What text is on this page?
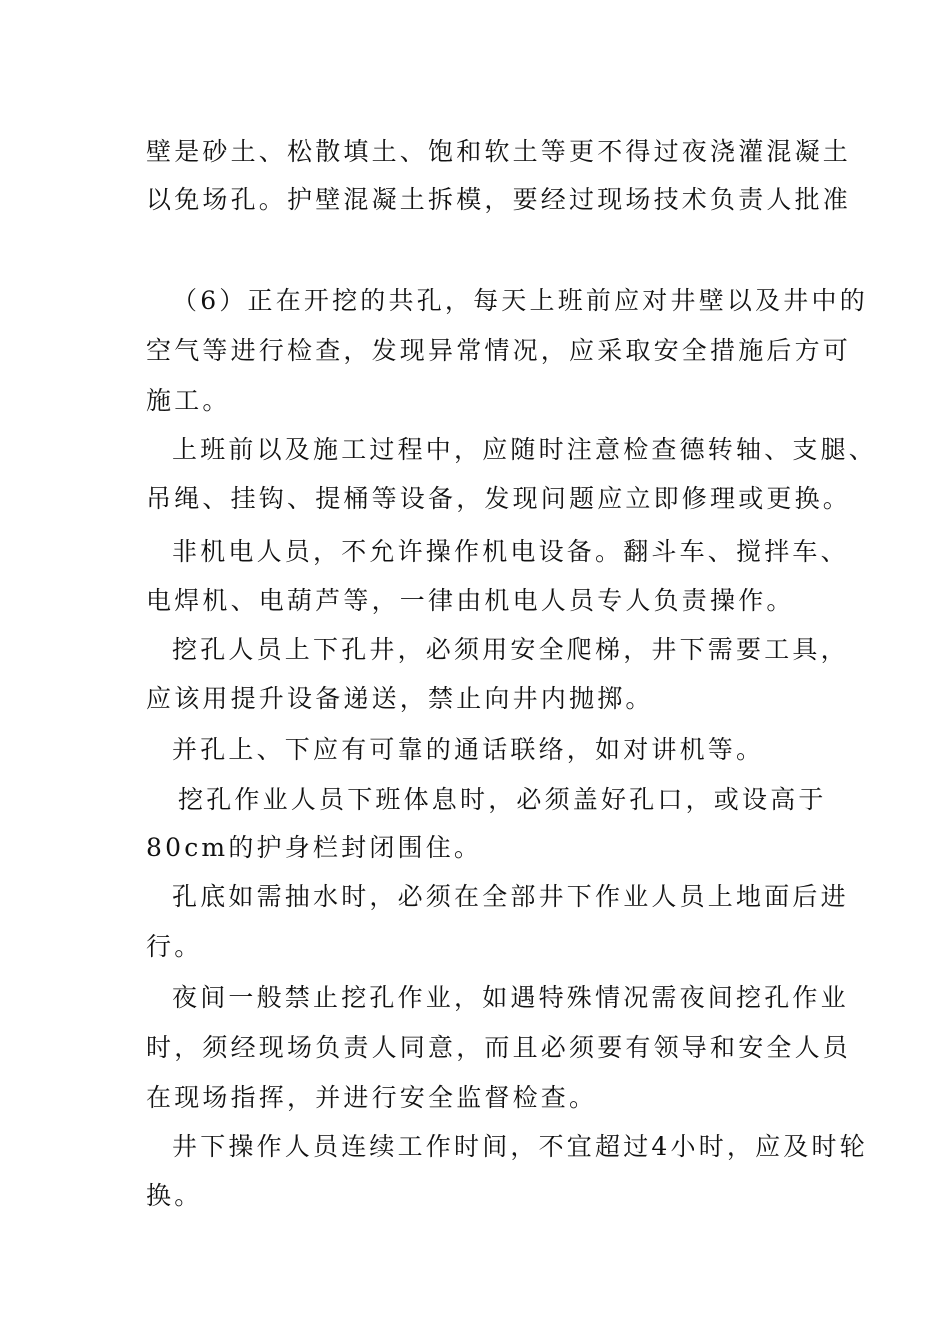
壁是砂土、松散填土、饱和软土等更不得过夜浇灌混凝土
以免场孔。护壁混凝土拆模，要经过现场技术负责人批准
（6）正在开挖的共孔，每天上班前应对井壁以及井中的
空气等进行检查，发现异常情况，应采取安全措施后方可
施工。
上班前以及施工过程中，应随时注意检查德转轴、支腿、
吊绳、挂钩、提桶等设备，发现问题应立即修理或更换。
非机电人员，不允许操作机电设备。翻斗车、搅拌车、
电焊机、电葫芦等，一律由机电人员专人负责操作。
挖孔人员上下孔井，必须用安全爬梯，井下需要工具，
应该用提升设备递送，禁止向井内抛掷。
并孔上、下应有可靠的通话联络，如对讲机等。
挖孔作业人员下班体息时，必须盖好孔口，或设高于
80cm的护身栏封闭围住。
孔底如需抽水时，必须在全部井下作业人员上地面后进
行。
夜间一般禁止挖孔作业，如遇特殊情况需夜间挖孔作业
时，须经现场负责人同意，而且必须要有领导和安全人员
在现场指挥，并进行安全监督检查。
井下操作人员连续工作时间，不宜超过4小时，应及时轮
换。
